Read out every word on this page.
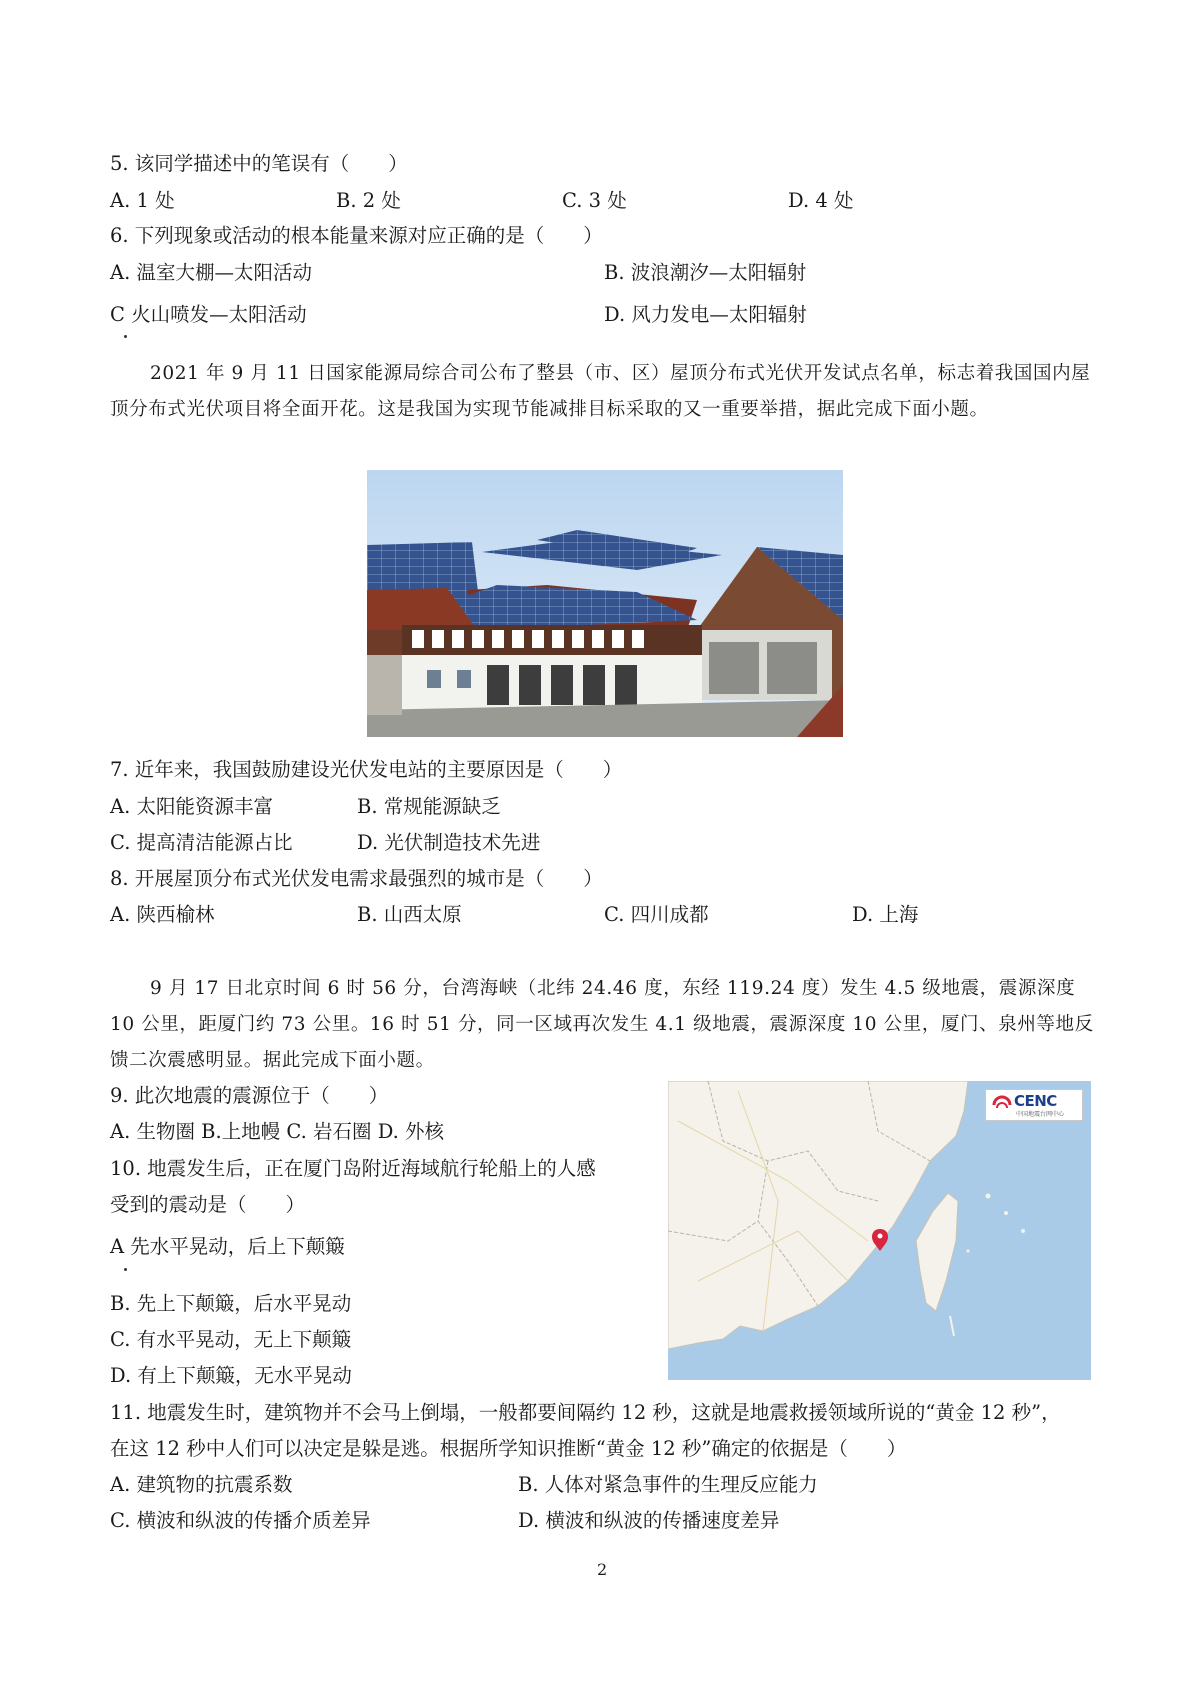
5. 该同学描述中的笔误有（　　）
A. 1 处	B. 2 处	C. 3 处	D. 4 处
6. 下列现象或活动的根本能量来源对应正确的是（　　）
A. 温室大棚—太阳活动	B. 波浪潮汐—太阳辐射
C 火山喷发—太阳活动	D. 风力发电—太阳辐射
2021 年 9 月 11 日国家能源局综合司公布了整县（市、区）屋顶分布式光伏开发试点名单，标志着我国国内屋顶分布式光伏项目将全面开花。这是我国为实现节能减排目标采取的又一重要举措，据此完成下面小题。
7. 近年来，我国鼓励建设光伏发电站的主要原因是（　　）
A. 太阳能资源丰富	B. 常规能源缺乏
C. 提高清洁能源占比	D. 光伏制造技术先进
8. 开展屋顶分布式光伏发电需求最强烈的城市是（　　）
A. 陕西榆林	B. 山西太原	C. 四川成都	D. 上海
9 月 17 日北京时间 6 时 56 分，台湾海峡（北纬 24.46 度，东经 119.24 度）发生 4.5 级地震，震源深度 10 公里，距厦门约 73 公里。16 时 51 分，同一区域再次发生 4.1 级地震，震源深度 10 公里，厦门、泉州等地反馈二次震感明显。据此完成下面小题。
9. 此次地震的震源位于（　　）
A. 生物圈 B.上地幔 C. 岩石圈 D. 外核
10. 地震发生后，正在厦门岛附近海域航行轮船上的人感
受到的震动是（　　）
A 先水平晃动，后上下颠簸
B. 先上下颠簸，后水平晃动
C. 有水平晃动，无上下颠簸
D. 有上下颠簸，无水平晃动
CENC
中国地震台网中心
11. 地震发生时，建筑物并不会马上倒塌，一般都要间隔约 12 秒，这就是地震救援领域所说的“黄金 12 秒”，
在这 12 秒中人们可以决定是躲是逃。根据所学知识推断“黄金 12 秒”确定的依据是（　　）
A. 建筑物的抗震系数	B. 人体对紧急事件的生理反应能力
C. 横波和纵波的传播介质差异	D. 横波和纵波的传播速度差异
2
